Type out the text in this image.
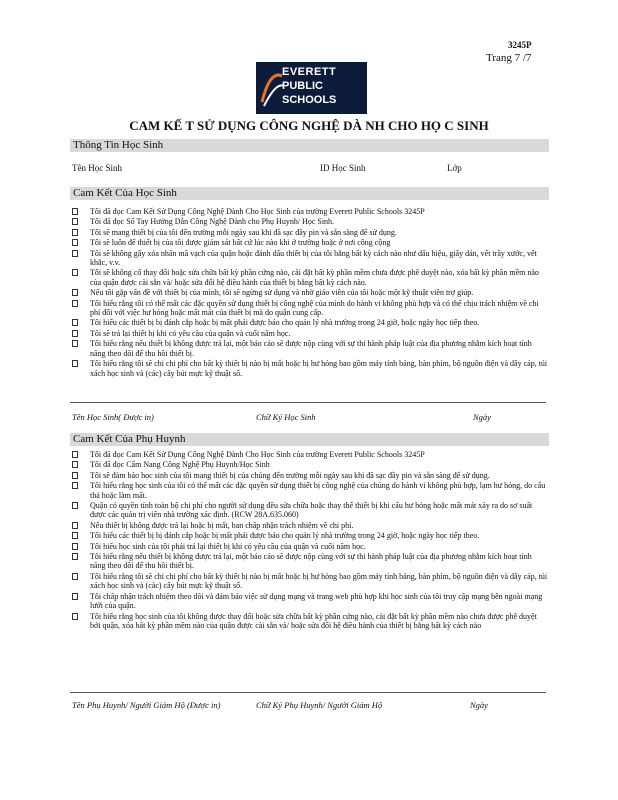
3245P
Trang 7 /7
EVERETT
PUBLIC
SCHOOLS
CAM KẾ T SỬ DỤNG CÔNG NGHỆ DÀ NH CHO HỌ C SINH
Thông Tin Học Sinh
Tên Học Sinh	ID Học Sinh	Lớp
Cam Kết Của Học Sinh
Tôi đã đọc Cam Kết Sử Dụng Công Nghệ Dành Cho Học Sinh của trường Everett Public Schools 3245P
Tôi đã đọc Sổ Tay Hướng Dẫn Công Nghệ Dành cho Phụ Huynh/ Học Sinh.
Tôi sẽ mang thiết bị của tôi đến trường mỗi ngày sau khi đã sạc đầy pin và sẵn sàng để sử dụng.
Tôi sẽ luôn để thiết bị của tôi được giám sát bất cứ lúc nào khi ở trường hoặc ở nơi công cộng
Tôi sẽ không gây xóa nhãn mã vạch của quận hoặc đánh dấu thiết bị của tôi bằng bất kỳ cách nào như dấu hiệu, giấy dán, vết trầy xước, vết khắc, v.v.
Tôi sẽ không cố thay đổi hoặc sửa chữa bất kỳ phần cứng nào, cài đặt bất kỳ phần mềm chưa được phê duyệt nào, xóa bất kỳ phần mềm nào của quận được cài sẵn và/ hoặc sửa đổi hệ điều hành của thiết bị bằng bất kỳ cách nào.
Nếu tôi gặp vấn đề với thiết bị của mình, tôi sẽ ngừng sử dụng và nhờ giáo viên của tôi hoặc một kỹ thuật viên trợ giúp.
Tôi hiểu rằng tôi có thể mất các đặc quyền sử dụng thiết bị công nghệ của mình do hành vi không phù hợp và có thể chịu trách nhiệm về chi phí đối với việc hư hỏng hoặc mất mát của thiết bị mà do quận cung cấp.
Tôi hiểu các thiết bị bị đánh cắp hoặc bị mất phải được báo cho quản lý nhà trường trong 24 giờ, hoặc ngày học tiếp theo.
Tôi sẽ trả lại thiết bị khi có yêu cầu của quận và cuối năm học.
Tôi hiểu rằng nếu thiết bị không được trả lại, một báo cáo sẽ được nộp cùng với sự thi hành pháp luật của địa phương nhằm kích hoạt tính năng theo dõi để thu hồi thiết bị.
Tôi hiểu rằng tôi sẽ chi chi phí cho bất kỳ thiết bị nào bị mất hoặc bị hư hỏng bao gồm máy tính bảng, bàn phím, bộ nguồn điện và dây cáp, túi xách học sinh và (các) cây bút mực kỹ thuật số.
Tên Học Sinh( Được in)	Chữ Ký Học Sinh	Ngày
Cam Kết Của Phụ Huynh
Tôi đã đọc Cam Kết Sử Dụng Công Nghệ Dành Cho Học Sinh của trường Everett Public Schools 3245P
Tôi đã đọc Cẩm Nang Công Nghệ Phụ Huynh/Học Sinh
Tôi sẽ đảm bảo học sinh của tôi mang thiết bị của chúng đến trường mỗi ngày sau khi đã sạc đầy pin và sẵn sàng để sử dụng.
Tôi hiểu rằng học sinh của tôi có thể mất các đặc quyền sử dụng thiết bị công nghệ của chúng do hành vi không phù hợp, lạm hư hỏng, do cẩu thả hoặc làm mất.
Quận có quyền tính toàn bộ chi phí cho người sử dụng đều sửa chữa hoặc thay thế thiết bị khi cấu hư hỏng hoặc mất mát xảy ra do sơ suất được các quản trị viên nhà trường xác định. (RCW 28A.635.060)
Nếu thiết bị không được trả lại hoặc bị mất, ban chấp nhận trách nhiệm về chi phí.
Tôi hiểu các thiết bị bị đánh cắp hoặc bị mất phải được báo cho quản lý nhà trường trong 24 giờ, hoặc ngày học tiếp theo.
Tôi hiểu học sinh của tôi phải trả lại thiết bị khi có yêu cầu của quận và cuối năm học.
Tôi hiểu rằng nếu thiết bị không được trả lại, một báo cáo sẽ được nộp cùng với sự thi hành pháp luật của địa phương nhằm kích hoạt tính năng theo dõi để thu hồi thiết bị.
Tôi hiểu rằng tôi sẽ chi chi phí cho bất kỳ thiết bị nào bị mất hoặc bị hư hỏng bao gồm máy tính bảng, bàn phím, bộ nguồn điện và dây cáp, túi xách học sinh và (các) cây bút mực kỹ thuật số.
Tôi chấp nhận trách nhiệm theo dõi và đảm bảo việc sử dụng mạng và trang web phù hợp khi học sinh của tôi truy cập mạng bên ngoài mạng lưới của quận.
Tôi hiểu rằng học sinh của tôi không được thay đổi hoặc sửa chữa bất kỳ phần cứng nào, cài đặt bất kỳ phần mềm nào chưa được phê duyệt bởi quận, xóa bất kỳ phần mềm nào của quận được cài sẵn và/ hoặc sửa đổi hệ điều hành của thiết bị bằng bất kỳ cách nào
Tên Phụ Huynh/ Người Giám Hộ (Được in)	Chữ Ký Phụ Huynh/ Người Giám Hộ	Ngày
